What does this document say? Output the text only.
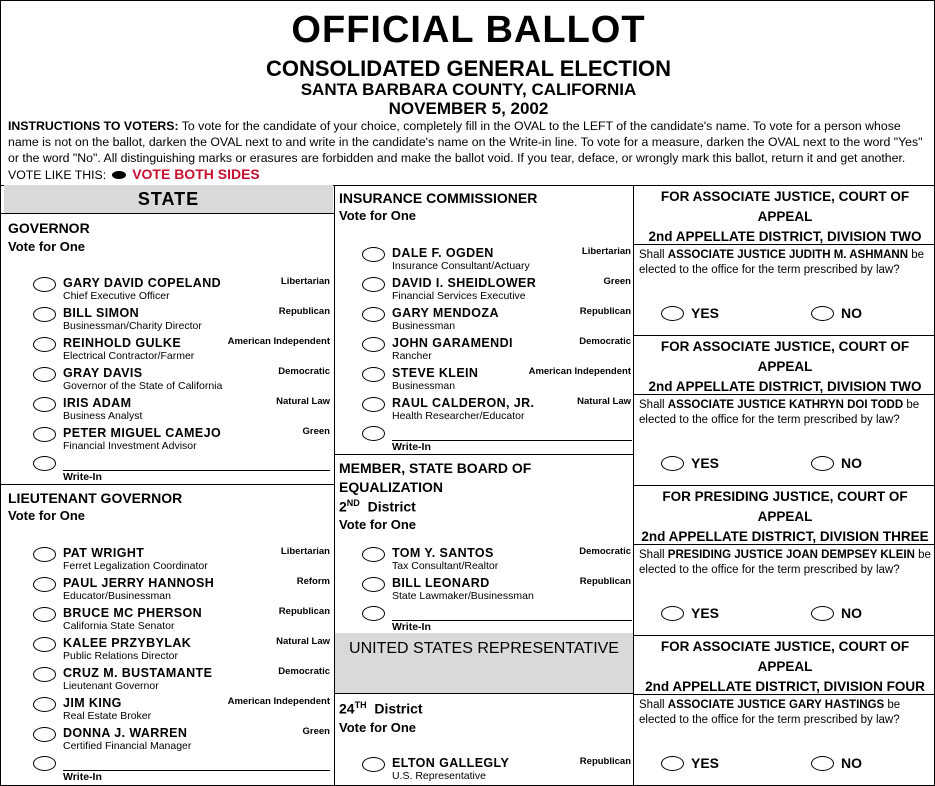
OFFICIAL BALLOT
CONSOLIDATED GENERAL ELECTION
SANTA BARBARA COUNTY, CALIFORNIA
NOVEMBER 5, 2002
INSTRUCTIONS TO VOTERS: To vote for the candidate of your choice, completely fill in the OVAL to the LEFT of the candidate's name. To vote for a person whose name is not on the ballot, darken the OVAL next to and write in the candidate's name on the Write-in line. To vote for a measure, darken the OVAL next to the word "Yes" or the word "No". All distinguishing marks or erasures are forbidden and make the ballot void. If you tear, deface, or wrongly mark this ballot, return it and get another. VOTE LIKE THIS: VOTE BOTH SIDES
STATE
GOVERNOR
Vote for One
GARY DAVID COPELAND
Chief Executive Officer
Libertarian
BILL SIMON
Businessman/Charity Director
Republican
REINHOLD GULKE
Electrical Contractor/Farmer
American Independent
GRAY DAVIS
Governor of the State of California
Democratic
IRIS ADAM
Business Analyst
Natural Law
PETER MIGUEL CAMEJO
Financial Investment Advisor
Green
Write-In
LIEUTENANT GOVERNOR
Vote for One
PAT WRIGHT
Ferret Legalization Coordinator
Libertarian
PAUL JERRY HANNOSH
Educator/Businessman
Reform
BRUCE MC PHERSON
California State Senator
Republican
KALEE PRZYBYLAK
Public Relations Director
Natural Law
CRUZ M. BUSTAMANTE
Lieutenant Governor
Democratic
JIM KING
Real Estate Broker
American Independent
DONNA J. WARREN
Certified Financial Manager
Green
Write-In
INSURANCE COMMISSIONER
Vote for One
DALE F. OGDEN
Insurance Consultant/Actuary
Libertarian
DAVID I. SHEIDLOWER
Financial Services Executive
Green
GARY MENDOZA
Businessman
Republican
JOHN GARAMENDI
Rancher
Democratic
STEVE KLEIN
Businessman
American Independent
RAUL CALDERON, JR.
Health Researcher/Educator
Natural Law
Write-In
MEMBER, STATE BOARD OF
EQUALIZATION
2ND District
Vote for One
TOM Y. SANTOS
Tax Consultant/Realtor
Democratic
BILL LEONARD
State Lawmaker/Businessman
Republican
Write-In
UNITED STATES REPRESENTATIVE
24TH District
Vote for One
ELTON GALLEGLY
U.S. Representative
Republican
FOR ASSOCIATE JUSTICE, COURT OF APPEAL
2nd APPELLATE DISTRICT, DIVISION TWO
Shall ASSOCIATE JUSTICE JUDITH M. ASHMANN be elected to the office for the term prescribed by law?
YES	NO
FOR ASSOCIATE JUSTICE, COURT OF APPEAL
2nd APPELLATE DISTRICT, DIVISION TWO
Shall ASSOCIATE JUSTICE KATHRYN DOI TODD be elected to the office for the term prescribed by law?
YES	NO
FOR PRESIDING JUSTICE, COURT OF APPEAL
2nd APPELLATE DISTRICT, DIVISION THREE
Shall PRESIDING JUSTICE JOAN DEMPSEY KLEIN be elected to the office for the term prescribed by law?
YES	NO
FOR ASSOCIATE JUSTICE, COURT OF APPEAL
2nd APPELLATE DISTRICT, DIVISION FOUR
Shall ASSOCIATE JUSTICE GARY HASTINGS be elected to the office for the term prescribed by law?
YES	NO
